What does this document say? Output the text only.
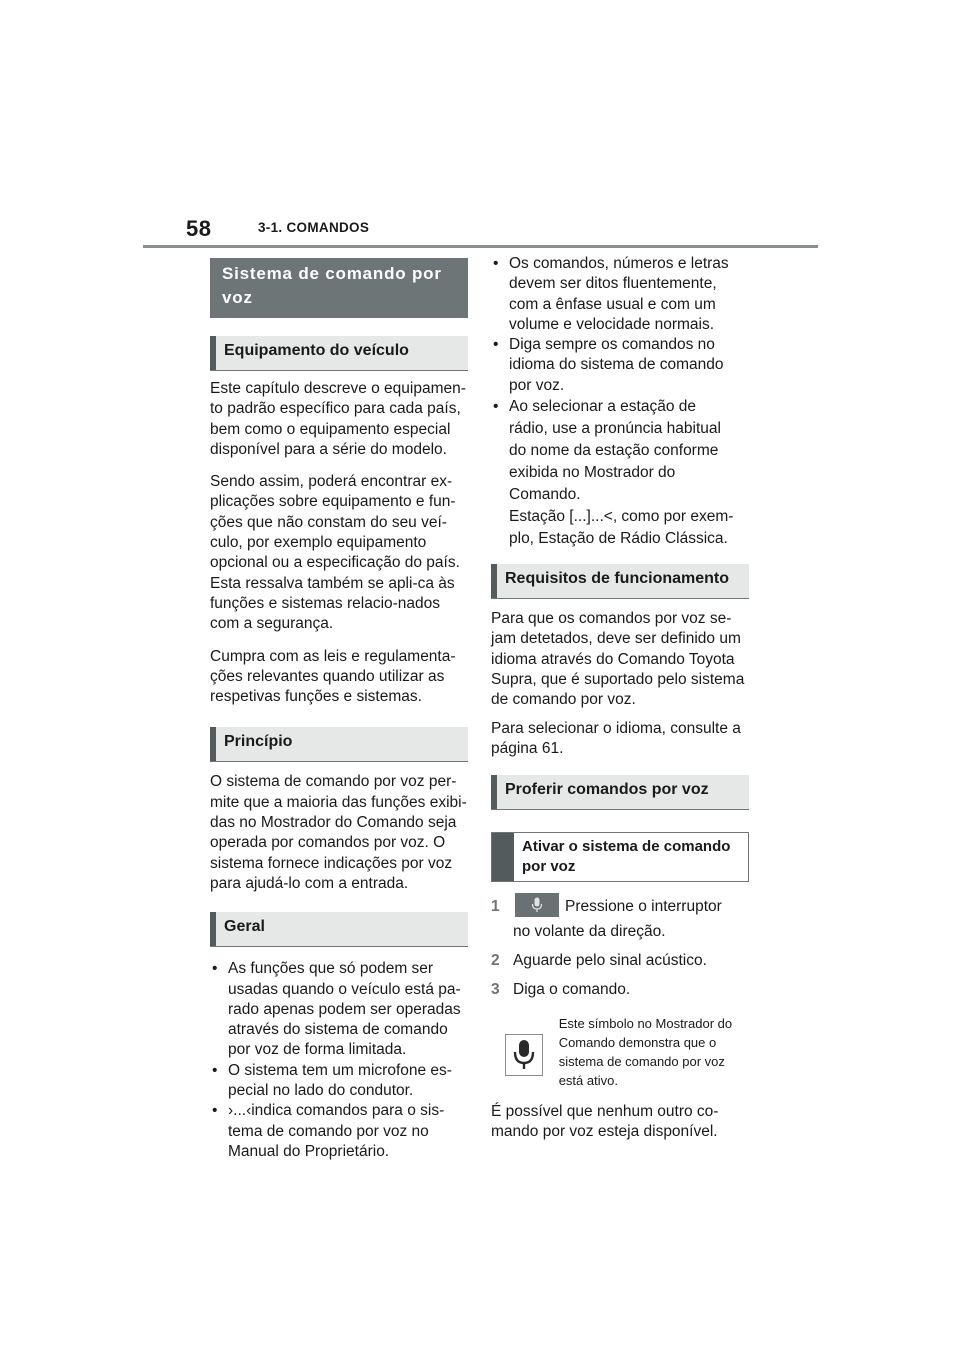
58	3-1. COMANDOS
Sistema de comando por voz
Equipamento do veículo

Este capítulo descreve o equipamen-to padrão específico para cada país, bem como o equipamento especial disponível para a série do modelo.

Sendo assim, poderá encontrar ex-plicações sobre equipamento e fun-ções que não constam do seu veí-culo, por exemplo equipamento opcional ou a especificação do país. Esta ressalva também se apli-ca às funções e sistemas relacio-nados com a segurança.

Cumpra com as leis e regulamenta-ções relevantes quando utilizar as respetivas funções e sistemas.

Princípio

O sistema de comando por voz per-mite que a maioria das funções exibi-das no Mostrador do Comando seja operada por comandos por voz. O sistema fornece indicações por voz para ajudá-lo com a entrada.

Geral
• As funções que só podem ser usadas quando o veículo está pa-rado apenas podem ser operadas através do sistema de comando por voz de forma limitada.
• O sistema tem um microfone es-pecial no lado do condutor.
• ›...‹indica comandos para o sis-tema de comando por voz no Manual do Proprietário.
• Os comandos, números e letras devem ser ditos fluentemente, com a ênfase usual e com um volume e velocidade normais.
• Diga sempre os comandos no idioma do sistema de comando por voz.
• Ao selecionar a estação de
rádio, use a pronúncia habitual
do nome da estação conforme
exibida no Mostrador do
Comando.
Estação [...]...<, como por exem-
plo, Estação de Rádio Clássica.
Requisitos de funcionamento

Para que os comandos por voz se-jam detetados, deve ser definido um idioma através do Comando Toyota Supra, que é suportado pelo sistema de comando por voz.

Para selecionar o idioma, consulte a página 61.

Proferir comandos por voz
Ativar o sistema de comando por voz
1	Pressione o interruptor
no volante da direção.
2 Aguarde pelo sinal acústico.
3 Diga o comando.
Este símbolo no Mostrador do Comando demonstra que o sistema de comando por voz está ativo.

É possível que nenhum outro co-mando por voz esteja disponível.
